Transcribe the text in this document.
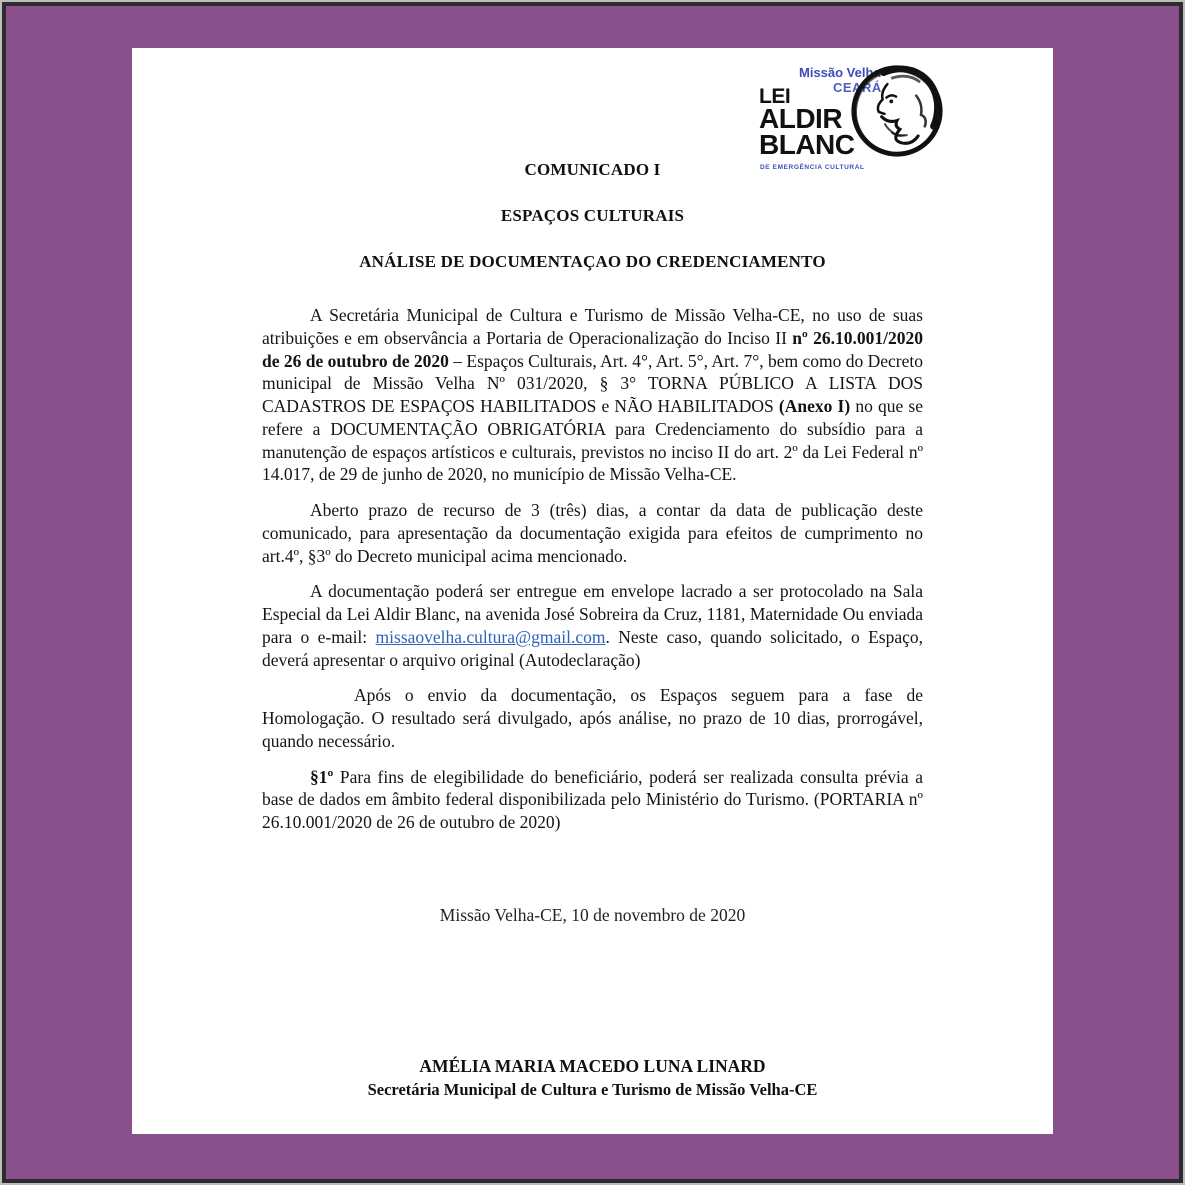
Missão Velha
CEARÁ
LEI
ALDIR
BLANC
DE EMERGÊNCIA CULTURAL
COMUNICADO I
ESPAÇOS CULTURAIS
ANÁLISE DE DOCUMENTAÇAO DO CREDENCIAMENTO

A Secretária Municipal de Cultura e Turismo de Missão Velha-CE, no uso de suas atribuições e em observância a Portaria de Operacionalização do Inciso II nº 26.10.001/2020 de 26 de outubro de 2020 – Espaços Culturais, Art. 4°, Art. 5°, Art. 7°, bem como do Decreto municipal de Missão Velha Nº 031/2020, § 3° TORNA PÚBLICO A LISTA DOS CADASTROS DE ESPAÇOS HABILITADOS e NÃO HABILITADOS (Anexo I) no que se refere a DOCUMENTAÇÃO OBRIGATÓRIA para Credenciamento do subsídio para a manutenção de espaços artísticos e culturais, previstos no inciso II do art. 2º da Lei Federal nº 14.017, de 29 de junho de 2020, no município de Missão Velha-CE.

Aberto prazo de recurso de 3 (três) dias, a contar da data de publicação deste comunicado, para apresentação da documentação exigida para efeitos de cumprimento no art.4º, §3º do Decreto municipal acima mencionado.

A documentação poderá ser entregue em envelope lacrado a ser protocolado na Sala Especial da Lei Aldir Blanc, na avenida José Sobreira da Cruz, 1181, Maternidade Ou enviada para o e-mail: missaovelha.cultura@gmail.com. Neste caso, quando solicitado, o Espaço, deverá apresentar o arquivo original (Autodeclaração)

Após o envio da documentação, os Espaços seguem para a fase de Homologação. O resultado será divulgado, após análise, no prazo de 10 dias, prorrogável, quando necessário.

§1º Para fins de elegibilidade do beneficiário, poderá ser realizada consulta prévia a base de dados em âmbito federal disponibilizada pelo Ministério do Turismo. (PORTARIA nº 26.10.001/2020 de 26 de outubro de 2020)

Missão Velha-CE, 10 de novembro de 2020

AMÉLIA MARIA MACEDO LUNA LINARD

Secretária Municipal de Cultura e Turismo de Missão Velha-CE
